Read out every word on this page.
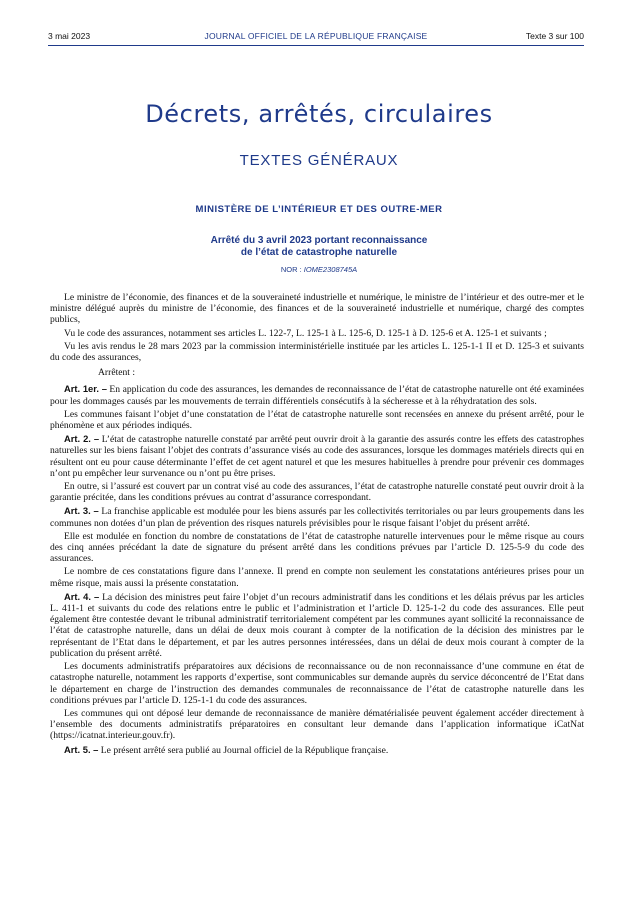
3 mai 2023	JOURNAL OFFICIEL DE LA RÉPUBLIQUE FRANÇAISE	Texte 3 sur 100
Décrets, arrêtés, circulaires
TEXTES GÉNÉRAUX
MINISTÈRE DE L’INTÉRIEUR ET DES OUTRE-MER
Arrêté du 3 avril 2023 portant reconnaissance
de l’état de catastrophe naturelle
NOR : IOME2308745A

Le ministre de l’économie, des finances et de la souveraineté industrielle et numérique, le ministre de l’intérieur et des outre-mer et le ministre délégué auprès du ministre de l’économie, des finances et de la souveraineté industrielle et numérique, chargé des comptes publics,

Vu le code des assurances, notamment ses articles L. 122-7, L. 125-1 à L. 125-6, D. 125-1 à D. 125-6 et A. 125-1 et suivants ;

Vu les avis rendus le 28 mars 2023 par la commission interministérielle instituée par les articles L. 125-1-1 II et D. 125-3 et suivants du code des assurances,

Arrêtent :

Art. 1er. – En application du code des assurances, les demandes de reconnaissance de l’état de catastrophe naturelle ont été examinées pour les dommages causés par les mouvements de terrain différentiels consécutifs à la sécheresse et à la réhydratation des sols.

Les communes faisant l’objet d’une constatation de l’état de catastrophe naturelle sont recensées en annexe du présent arrêté, pour le phénomène et aux périodes indiqués.

Art. 2. – L’état de catastrophe naturelle constaté par arrêté peut ouvrir droit à la garantie des assurés contre les effets des catastrophes naturelles sur les biens faisant l’objet des contrats d’assurance visés au code des assurances, lorsque les dommages matériels directs qui en résultent ont eu pour cause déterminante l’effet de cet agent naturel et que les mesures habituelles à prendre pour prévenir ces dommages n’ont pu empêcher leur survenance ou n’ont pu être prises.

En outre, si l’assuré est couvert par un contrat visé au code des assurances, l’état de catastrophe naturelle constaté peut ouvrir droit à la garantie précitée, dans les conditions prévues au contrat d’assurance correspondant.

Art. 3. – La franchise applicable est modulée pour les biens assurés par les collectivités territoriales ou par leurs groupements dans les communes non dotées d’un plan de prévention des risques naturels prévisibles pour le risque faisant l’objet du présent arrêté.

Elle est modulée en fonction du nombre de constatations de l’état de catastrophe naturelle intervenues pour le même risque au cours des cinq années précédant la date de signature du présent arrêté dans les conditions prévues par l’article D. 125-5-9 du code des assurances.

Le nombre de ces constatations figure dans l’annexe. Il prend en compte non seulement les constatations antérieures prises pour un même risque, mais aussi la présente constatation.

Art. 4. – La décision des ministres peut faire l’objet d’un recours administratif dans les conditions et les délais prévus par les articles L. 411-1 et suivants du code des relations entre le public et l’administration et l’article D. 125-1-2 du code des assurances. Elle peut également être contestée devant le tribunal administratif territorialement compétent par les communes ayant sollicité la reconnaissance de l’état de catastrophe naturelle, dans un délai de deux mois courant à compter de la notification de la décision des ministres par le représentant de l’Etat dans le département, et par les autres personnes intéressées, dans un délai de deux mois courant à compter de la publication du présent arrêté.

Les documents administratifs préparatoires aux décisions de reconnaissance ou de non reconnaissance d’une commune en état de catastrophe naturelle, notamment les rapports d’expertise, sont communicables sur demande auprès du service déconcentré de l’Etat dans le département en charge de l’instruction des demandes communales de reconnaissance de l’état de catastrophe naturelle dans les conditions prévues par l’article D. 125-1-1 du code des assurances.

Les communes qui ont déposé leur demande de reconnaissance de manière dématérialisée peuvent également accéder directement à l’ensemble des documents administratifs préparatoires en consultant leur demande dans l’application informatique iCatNat (https://icatnat.interieur.gouv.fr).

Art. 5. – Le présent arrêté sera publié au Journal officiel de la République française.
